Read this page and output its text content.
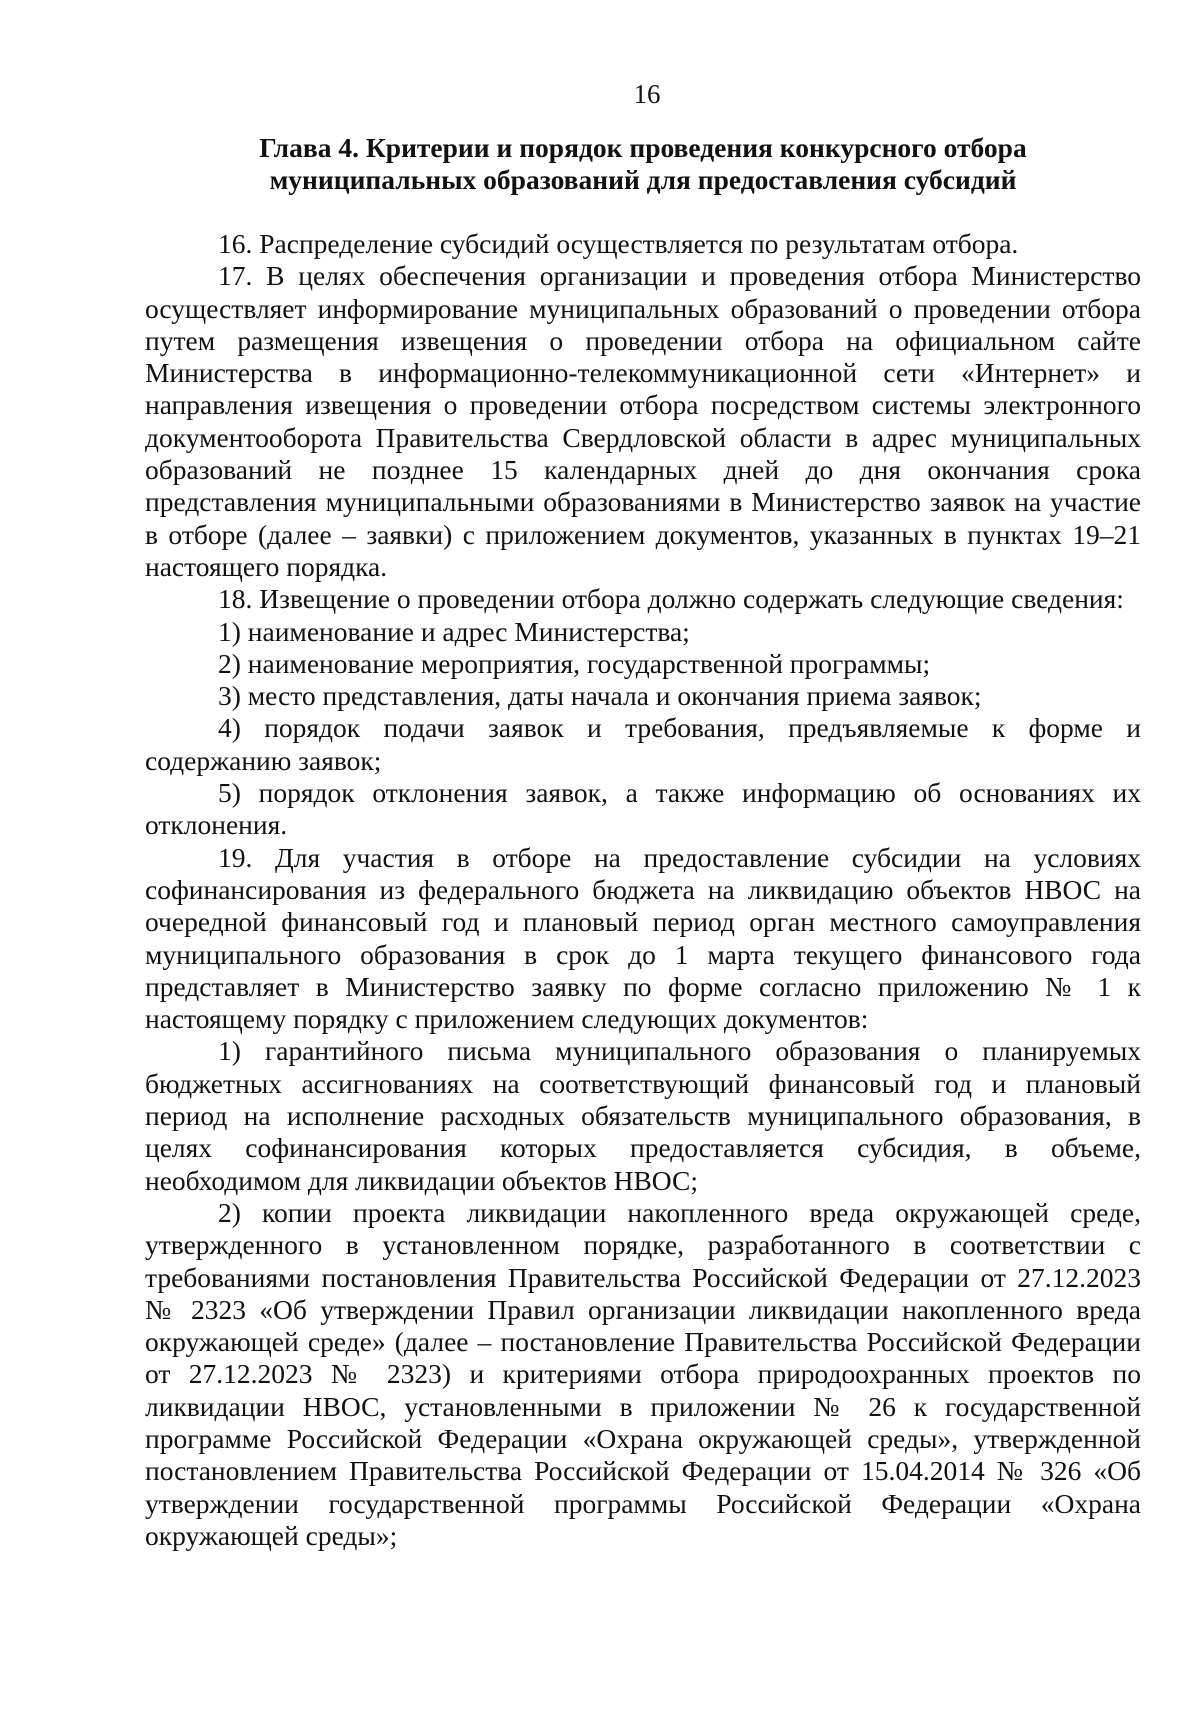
16
Глава 4. Критерии и порядок проведения конкурсного отбора
муниципальных образований для предоставления субсидий

16. Распределение субсидий осуществляется по результатам отбора.

17. В целях обеспечения организации и проведения отбора Министерство осуществляет информирование муниципальных образований о проведении отбора путем размещения извещения о проведении отбора на официальном сайте Министерства в информационно-телекоммуникационной сети «Интернет» и направления извещения о проведении отбора посредством системы электронного документооборота Правительства Свердловской области в адрес муниципальных образований не позднее 15 календарных дней до дня окончания срока представления муниципальными образованиями в Министерство заявок на участие в отборе (далее – заявки) с приложением документов, указанных в пунктах 19–21 настоящего порядка.

18. Извещение о проведении отбора должно содержать следующие сведения:

1) наименование и адрес Министерства;

2) наименование мероприятия, государственной программы;

3) место представления, даты начала и окончания приема заявок;

4) порядок подачи заявок и требования, предъявляемые к форме и содержанию заявок;

5) порядок отклонения заявок, а также информацию об основаниях их отклонения.

19. Для участия в отборе на предоставление субсидии на условиях софинансирования из федерального бюджета на ликвидацию объектов НВОС на очередной финансовый год и плановый период орган местного самоуправления муниципального образования в срок до 1 марта текущего финансового года представляет в Министерство заявку по форме согласно приложению № 1 к настоящему порядку с приложением следующих документов:

1) гарантийного письма муниципального образования о планируемых бюджетных ассигнованиях на соответствующий финансовый год и плановый период на исполнение расходных обязательств муниципального образования, в целях софинансирования которых предоставляется субсидия, в объеме, необходимом для ликвидации объектов НВОС;

2) копии проекта ликвидации накопленного вреда окружающей среде, утвержденного в установленном порядке, разработанного в соответствии с требованиями постановления Правительства Российской Федерации от 27.12.2023 № 2323 «Об утверждении Правил организации ликвидации накопленного вреда окружающей среде» (далее – постановление Правительства Российской Федерации от 27.12.2023 № 2323) и критериями отбора природоохранных проектов по ликвидации НВОС, установленными в приложении № 26 к государственной программе Российской Федерации «Охрана окружающей среды», утвержденной постановлением Правительства Российской Федерации от 15.04.2014 № 326 «Об утверждении государственной программы Российской Федерации «Охрана окружающей среды»;
